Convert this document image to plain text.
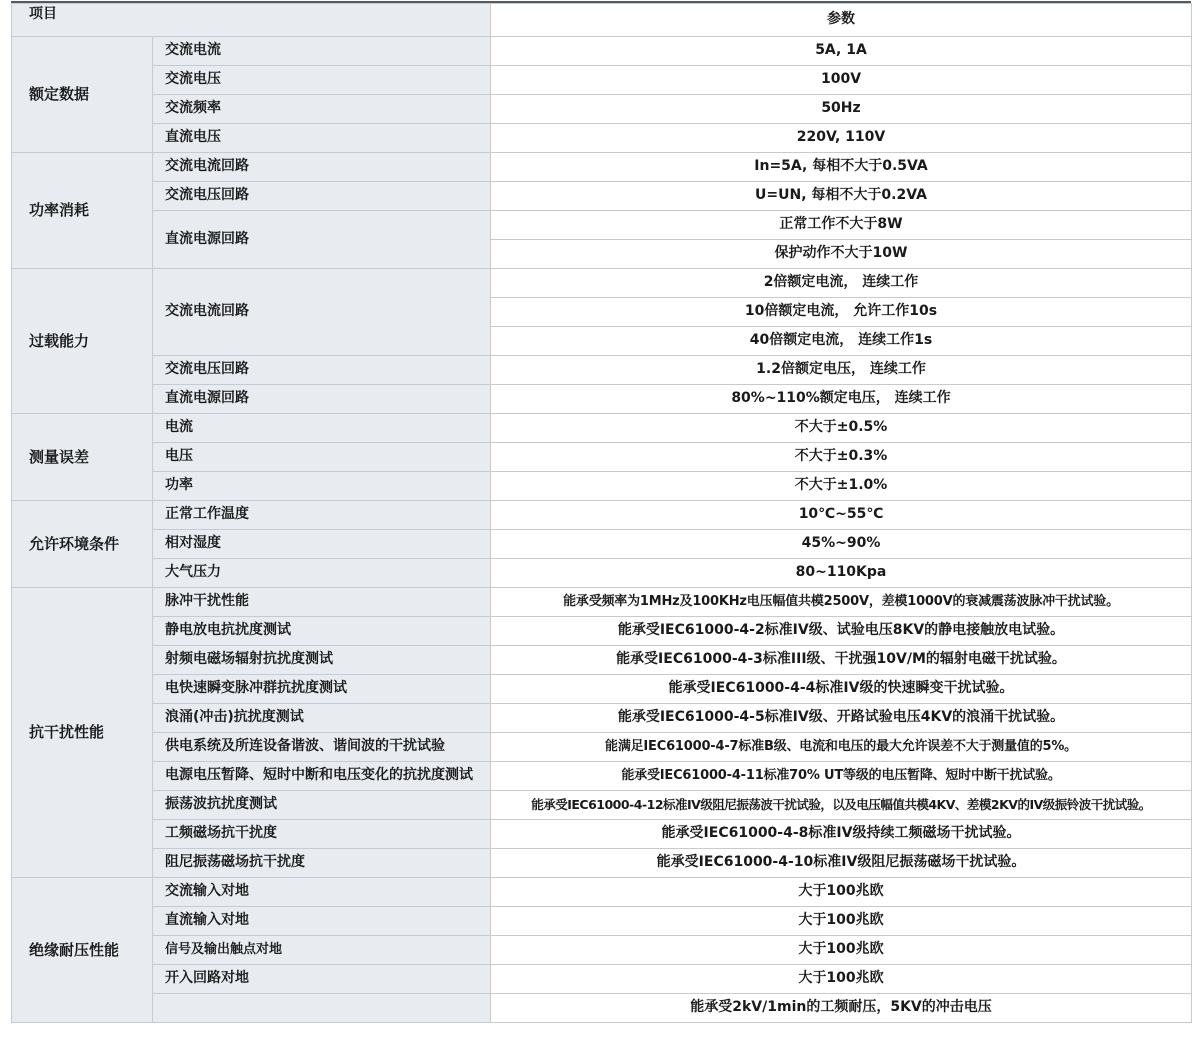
项目		参数
额定数据	交流电流	5A, 1A
	交流电压	100V
	交流频率	50Hz
	直流电压	220V, 110V
功率消耗	交流电流回路	In=5A, 每相不大于0.5VA
	交流电压回路	U=UN, 每相不大于0.2VA
	直流电源回路	正常工作不大于8W
		保护动作不大于10W
过载能力	交流电流回路	2倍额定电流， 连续工作
		10倍额定电流， 允许工作10s
		40倍额定电流， 连续工作1s
	交流电压回路	1.2倍额定电压， 连续工作
	直流电源回路	80%~110%额定电压， 连续工作
测量误差	电流	不大于±0.5%
	电压	不大于±0.3%
	功率	不大于±1.0%
允许环境条件	正常工作温度	10℃~55℃
	相对湿度	45%~90%
	大气压力	80~110Kpa
抗干扰性能	脉冲干扰性能	能承受频率为1MHz及100KHz电压幅值共模2500V，差模1000V的衰减震荡波脉冲干扰试验。
	静电放电抗扰度测试	能承受IEC61000-4-2标准IV级、试验电压8KV的静电接触放电试验。
	射频电磁场辐射抗扰度测试	能承受IEC61000-4-3标准III级、干扰强10V/M的辐射电磁干扰试验。
	电快速瞬变脉冲群抗扰度测试	能承受IEC61000-4-4标准IV级的快速瞬变干扰试验。
	浪涌(冲击)抗扰度测试	能承受IEC61000-4-5标准IV级、开路试验电压4KV的浪涌干扰试验。
	供电系统及所连设备谐波、谐间波的干扰试验	能满足IEC61000-4-7标准B级、电流和电压的最大允许误差不大于测量值的5%。
	电源电压暂降、短时中断和电压变化的抗扰度测试	能承受IEC61000-4-11标准70% UT等级的电压暂降、短时中断干扰试验。
	振荡波抗扰度测试	能承受IEC61000-4-12标准IV级阻尼振荡波干扰试验，以及电压幅值共模4KV、差模2KV的IV级振铃波干扰试验。
	工频磁场抗干扰度	能承受IEC61000-4-8标准IV级持续工频磁场干扰试验。
	阻尼振荡磁场抗干扰度	能承受IEC61000-4-10标准IV级阻尼振荡磁场干扰试验。
绝缘耐压性能	交流输入对地	大于100兆欧
	直流输入对地	大于100兆欧
	信号及输出触点对地	大于100兆欧
	开入回路对地	大于100兆欧
		能承受2kV/1min的工频耐压，5KV的冲击电压
